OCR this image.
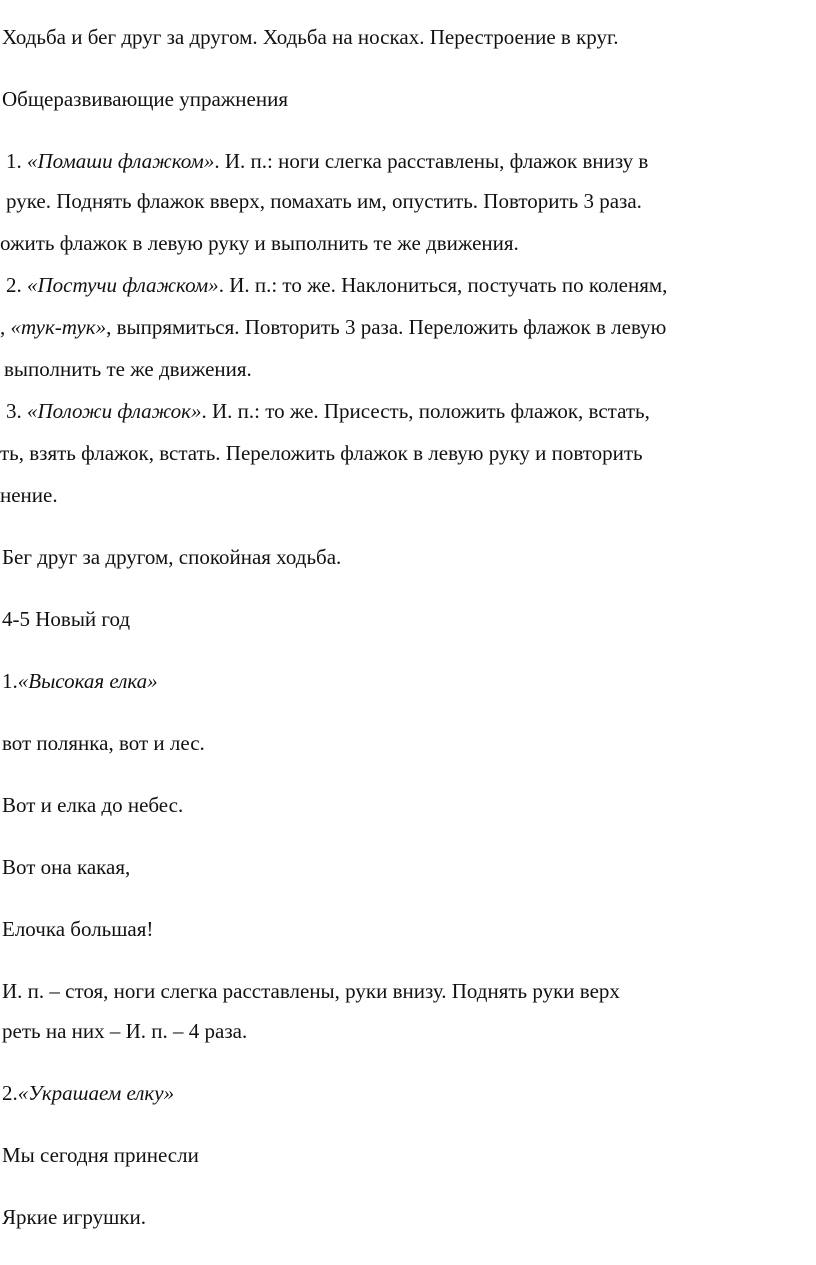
Ходьба и бег друг за другом. Ходьба на носках. Перестроение в круг.
Общеразвивающие упражнения
1. «Помаши флажком». И. п.: ноги слегка расставлены, флажок внизу в
руке. Поднять флажок вверх, помахать им, опустить. Повторить 3 раза.
ожить флажок в левую руку и выполнить те же движения.
2. «Постучи флажком». И. п.: то же. Наклониться, постучать по коленям,
, «тук-тук», выпрямиться. Повторить 3 раза. Переложить флажок в левую
выполнить те же движения.
3. «Положи флажок». И. п.: то же. Присесть, положить флажок, встать,
ть, взять флажок, встать. Переложить флажок в левую руку и повторить
нение.
Бег друг за другом, спокойная ходьба.
4-5 Новый год
1.«Высокая елка»
вот полянка, вот и лес.
Вот и елка до небес.
Вот она какая,
Елочка большая!
И. п. – стоя, ноги слегка расставлены, руки внизу. Поднять руки верх
реть на них – И. п. – 4 раза.
2.«Украшаем елку»
Мы сегодня принесли
Яркие игрушки.
